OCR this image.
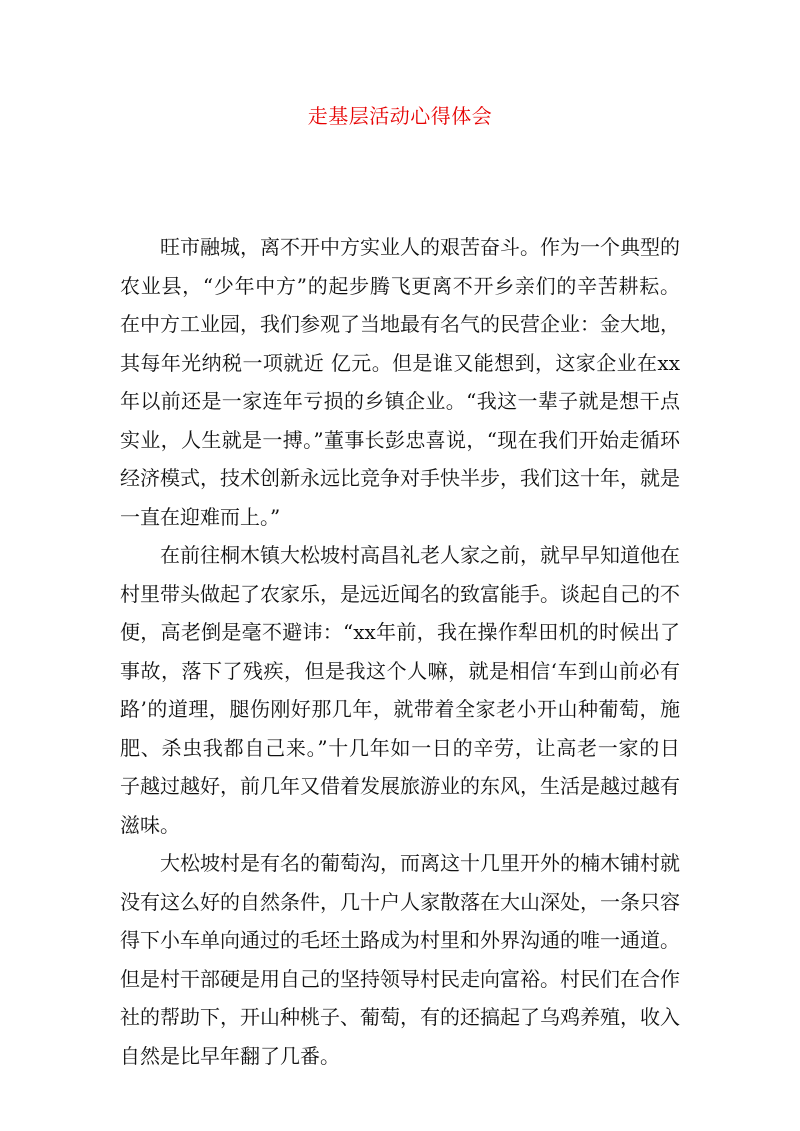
走基层活动心得体会

旺市融城，离不开中方实业人的艰苦奋斗。作为一个典型的农业县，“少年中方”的起步腾飞更离不开乡亲们的辛苦耕耘。在中方工业园，我们参观了当地最有名气的民营企业：金大地，其每年光纳税一项就近 亿元。但是谁又能想到，这家企业在xx年以前还是一家连年亏损的乡镇企业。“我这一辈子就是想干点实业，人生就是一搏。”董事长彭忠喜说，“现在我们开始走循环经济模式，技术创新永远比竞争对手快半步，我们这十年，就是一直在迎难而上。”

在前往桐木镇大松坡村高昌礼老人家之前，就早早知道他在村里带头做起了农家乐，是远近闻名的致富能手。谈起自己的不便，高老倒是毫不避讳：“xx年前，我在操作犁田机的时候出了事故，落下了残疾，但是我这个人嘛，就是相信‘车到山前必有路’的道理，腿伤刚好那几年，就带着全家老小开山种葡萄，施肥、杀虫我都自己来。”十几年如一日的辛劳，让高老一家的日子越过越好，前几年又借着发展旅游业的东风，生活是越过越有滋味。

大松坡村是有名的葡萄沟，而离这十几里开外的楠木铺村就没有这么好的自然条件，几十户人家散落在大山深处，一条只容得下小车单向通过的毛坯土路成为村里和外界沟通的唯一通道。但是村干部硬是用自己的坚持领导村民走向富裕。村民们在合作社的帮助下，开山种桃子、葡萄，有的还搞起了乌鸡养殖，收入自然是比早年翻了几番。
